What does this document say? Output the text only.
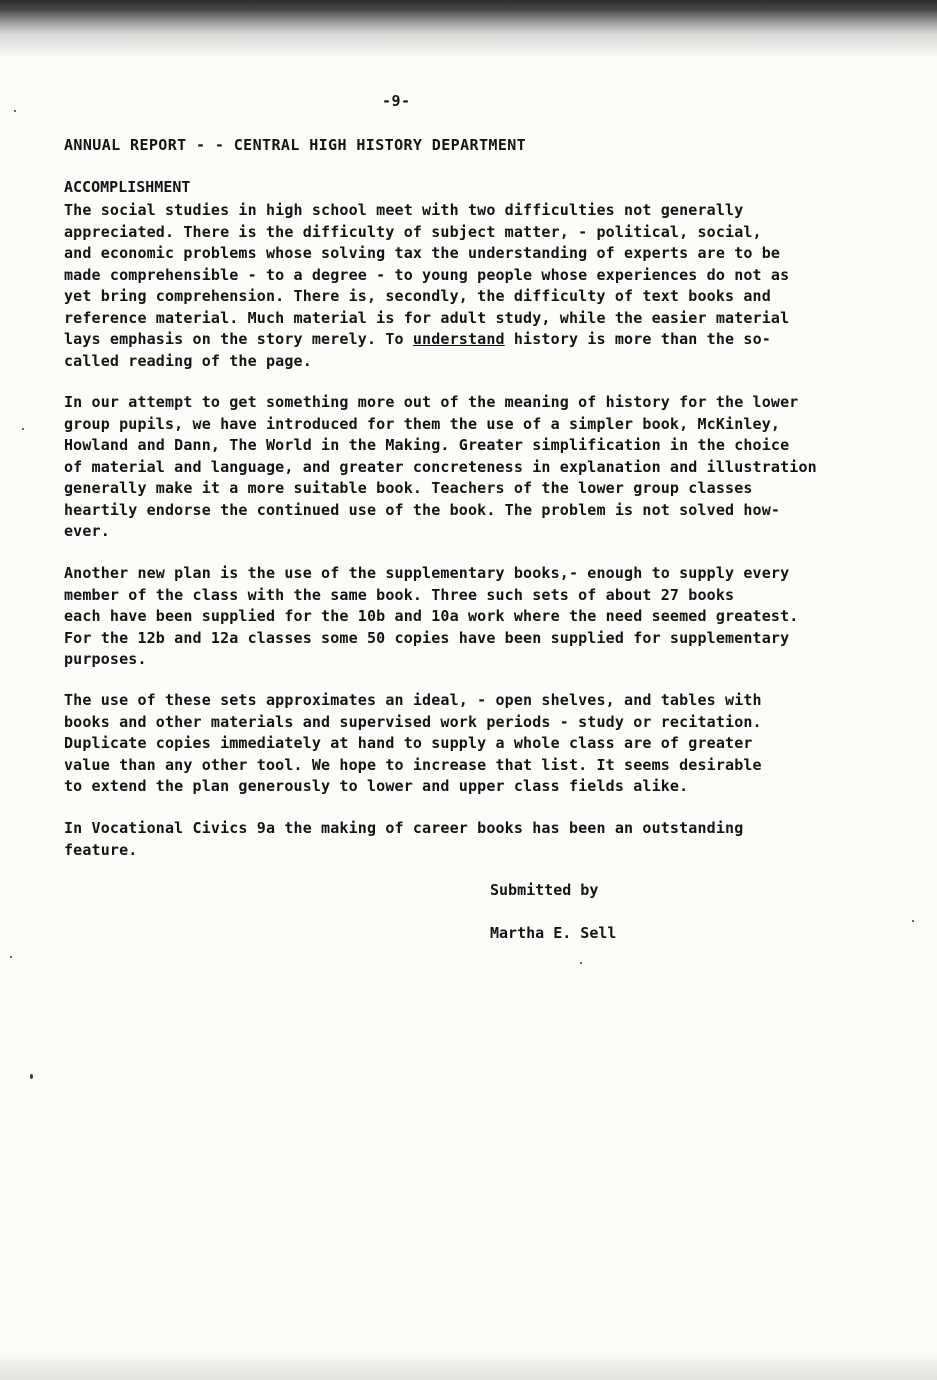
-9-

ANNUAL REPORT - - CENTRAL HIGH HISTORY DEPARTMENT
ACCOMPLISHMENT

The social studies in high school meet with two difficulties not generally
appreciated. There is the difficulty of subject matter, - political, social,
and economic problems whose solving tax the understanding of experts are to be
made comprehensible - to a degree - to young people whose experiences do not as
yet bring comprehension. There is, secondly, the difficulty of text books and
reference material. Much material is for adult study, while the easier material
lays emphasis on the story merely. To understand history is more than the so-
called reading of the page.

In our attempt to get something more out of the meaning of history for the lower
group pupils, we have introduced for them the use of a simpler book, McKinley,
Howland and Dann, The World in the Making. Greater simplification in the choice
of material and language, and greater concreteness in explanation and illustration
generally make it a more suitable book. Teachers of the lower group classes
heartily endorse the continued use of the book. The problem is not solved how-
ever.

Another new plan is the use of the supplementary books,- enough to supply every
member of the class with the same book. Three such sets of about 27 books
each have been supplied for the 10b and 10a work where the need seemed greatest.
For the 12b and 12a classes some 50 copies have been supplied for supplementary
purposes.

The use of these sets approximates an ideal, - open shelves, and tables with
books and other materials and supervised work periods - study or recitation.
Duplicate copies immediately at hand to supply a whole class are of greater
value than any other tool. We hope to increase that list. It seems desirable
to extend the plan generously to lower and upper class fields alike.

In Vocational Civics 9a the making of career books has been an outstanding
feature.

Submitted by

Martha E. Sell
